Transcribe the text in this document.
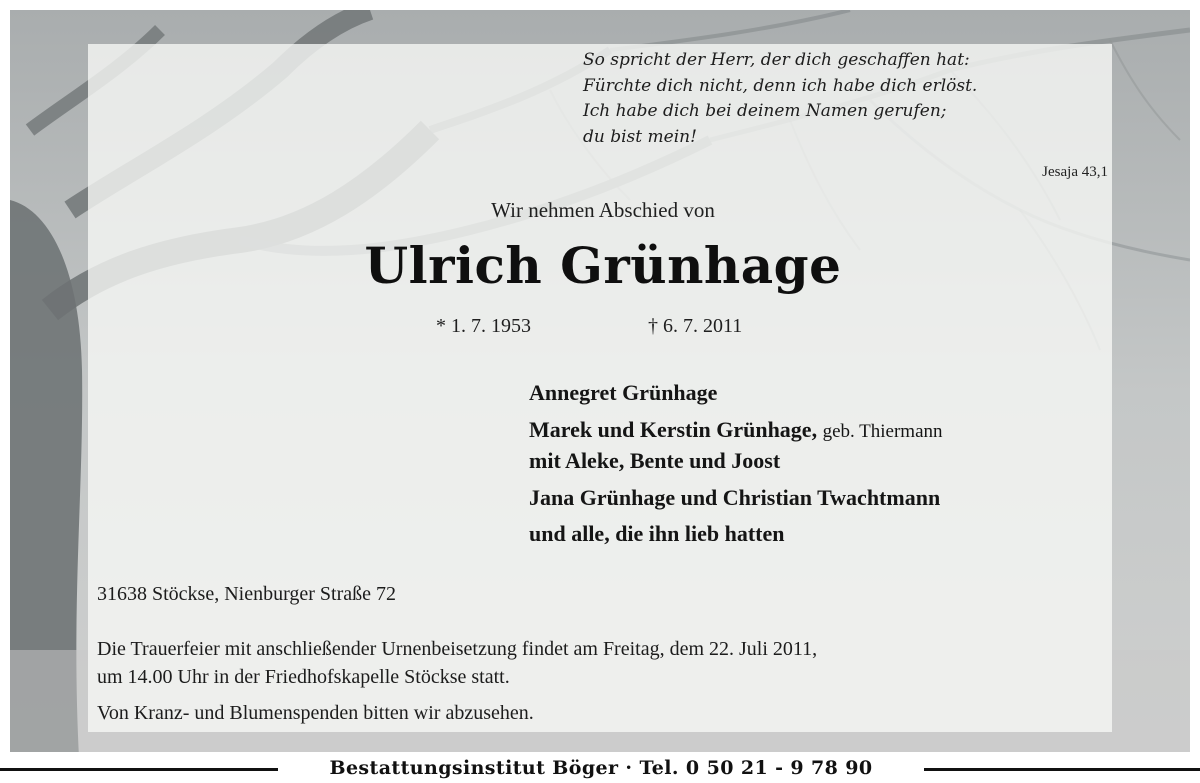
So spricht der Herr, der dich geschaffen hat:
Fürchte dich nicht, denn ich habe dich erlöst.
Ich habe dich bei deinem Namen gerufen;
du bist mein!
Jesaja 43,1
Wir nehmen Abschied von
Ulrich Grünhage
* 1. 7. 1953	† 6. 7. 2011
Annegret Grünhage
Marek und Kerstin Grünhage, geb. Thiermann
mit Aleke, Bente und Joost
Jana Grünhage und Christian Twachtmann
und alle, die ihn lieb hatten
31638 Stöckse, Nienburger Straße 72
Die Trauerfeier mit anschließender Urnenbeisetzung findet am Freitag, dem 22. Juli 2011,
um 14.00 Uhr in der Friedhofskapelle Stöckse statt.
Von Kranz- und Blumenspenden bitten wir abzusehen.
Bestattungsinstitut Böger · Tel. 0 50 21 - 9 78 90
